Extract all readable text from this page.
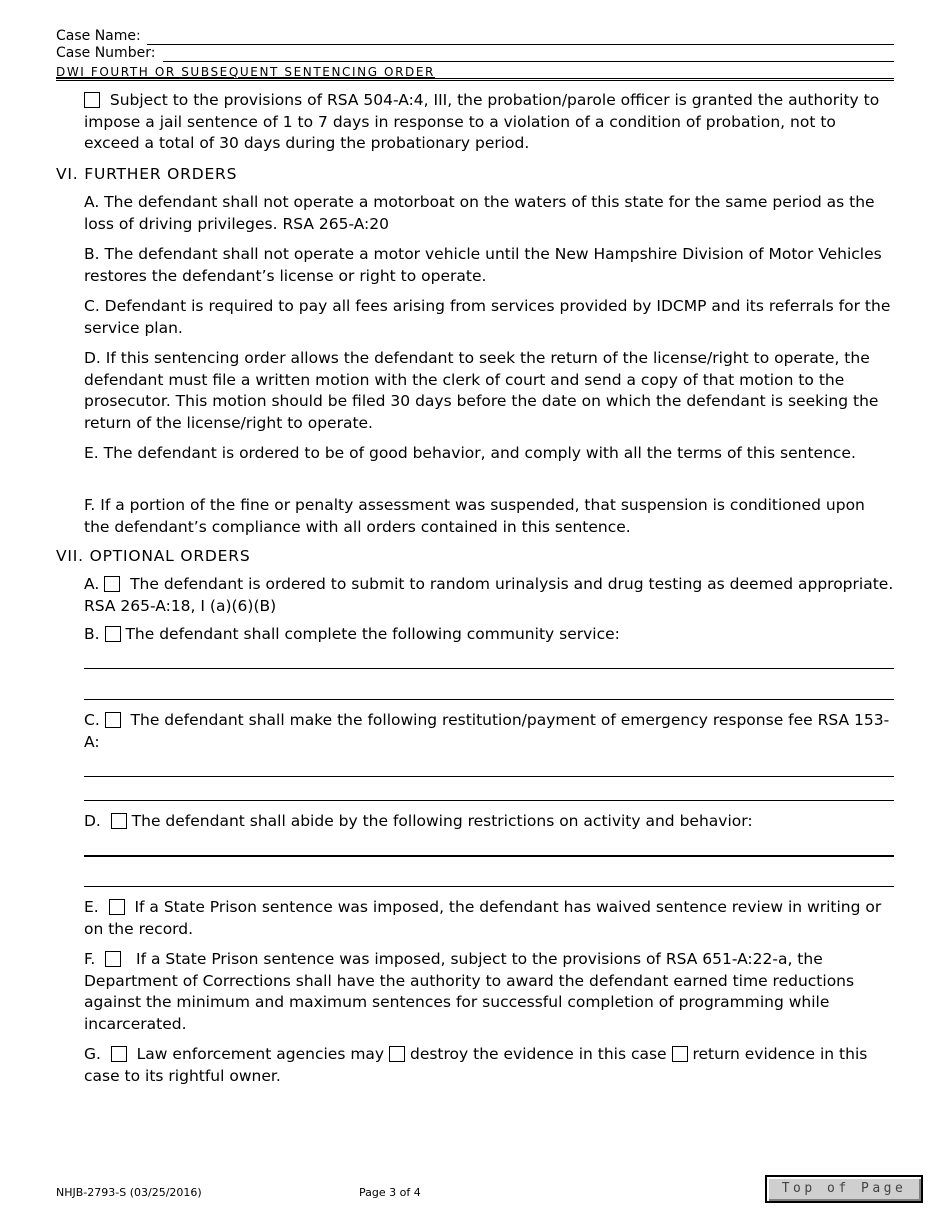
Case Name:
Case Number:
DWI FOURTH OR SUBSEQUENT SENTENCING ORDER
Subject to the provisions of RSA 504-A:4, III, the probation/parole officer is granted the authority to impose a jail sentence of 1 to 7 days in response to a violation of a condition of probation, not to exceed a total of 30 days during the probationary period.
VI. FURTHER ORDERS
A. The defendant shall not operate a motorboat on the waters of this state for the same period as the loss of driving privileges. RSA 265-A:20
B. The defendant shall not operate a motor vehicle until the New Hampshire Division of Motor Vehicles restores the defendant’s license or right to operate.
C. Defendant is required to pay all fees arising from services provided by IDCMP and its referrals for the service plan.
D. If this sentencing order allows the defendant to seek the return of the license/right to operate, the defendant must file a written motion with the clerk of court and send a copy of that motion to the prosecutor. This motion should be filed 30 days before the date on which the defendant is seeking the return of the license/right to operate.
E. The defendant is ordered to be of good behavior, and comply with all the terms of this sentence.
F. If a portion of the fine or penalty assessment was suspended, that suspension is conditioned upon the defendant’s compliance with all orders contained in this sentence.
VII. OPTIONAL ORDERS
A. The defendant is ordered to submit to random urinalysis and drug testing as deemed appropriate. RSA 265-A:18, I (a)(6)(B)
B. The defendant shall complete the following community service:
C. The defendant shall make the following restitution/payment of emergency response fee RSA 153-A:
D. The defendant shall abide by the following restrictions on activity and behavior:
E. If a State Prison sentence was imposed, the defendant has waived sentence review in writing or on the record.
F.	If a State Prison sentence was imposed, subject to the provisions of RSA 651-A:22-a, the Department of Corrections shall have the authority to award the defendant earned time reductions against the minimum and maximum sentences for successful completion of programming while incarcerated.
G. Law enforcement agencies may destroy the evidence in this case return evidence in this case to its rightful owner.
NHJB-2793-S (03/25/2016)	Page 3 of 4	Top of Page
